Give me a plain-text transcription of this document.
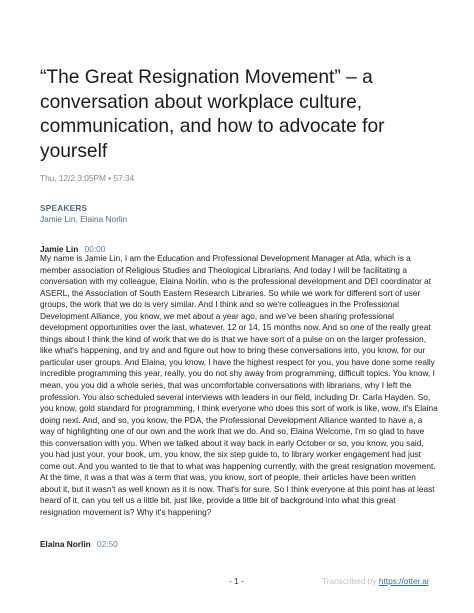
“The Great Resignation Movement” – a conversation about workplace culture, communication, and how to advocate for yourself
Thu, 12/2 3:05PM • 57:34
SPEAKERS
Jamie Lin, Elaina Norlin
Jamie Lin 00:00

My name is Jamie Lin, I am the Education and Professional Development Manager at Atla, which is a member association of Religious Studies and Theological Librarians. And today I will be facilitating a conversation with my colleague, Elaina Norlin, who is the professional development and DEI coordinator at ASERL, the Association of South Eastern Research Libraries. So while we work for different sort of user groups, the work that we do is very similar. And I think and so we're colleagues in the Professional Development Alliance, you know, we met about a year ago, and we've been sharing professional development opportunities over the last, whatever, 12 or 14, 15 months now. And so one of the really great things about I think the kind of work that we do is that we have sort of a pulse on on the larger profession, like what's happening, and try and and figure out how to bring these conversations into, you know, for our particular user groups. And Elaina, you know, I have the highest respect for you, you have done some really incredible programming this year, really, you do not shy away from programming, difficult topics. You know, I mean, you you did a whole series, that was uncomfortable conversations with librarians, why I left the profession. You also scheduled several interviews with leaders in our field, including Dr. Carla Hayden. So, you know, gold standard for programming, I think everyone who does this sort of work is like, wow, it's Elaina doing next. And, and so, you know, the PDA, the Professional Development Alliance wanted to have a, a way of highlighting one of our own and the work that we do. And so, Elaina Welcome, I'm so glad to have this conversation with you. When we talked about it way back in early October or so, you know, you said, you had just your, your book, um, you know, the six step guide to, to library worker engagement had just come out. And you wanted to tie that to what was happening currently, with the great resignation movement. At the time, it was a that was a term that was, you know, sort of people, their articles have been written about it, but it wasn't as well known as it is now. That's for sure. So I think everyone at this point has at least heard of it, can you tell us a little bit, just like, provide a little bit of background into what this great resignation movement is? Why it's happening?

Elaina Norlin 02:50
- 1 -	Transcribed by https://otter.ai
